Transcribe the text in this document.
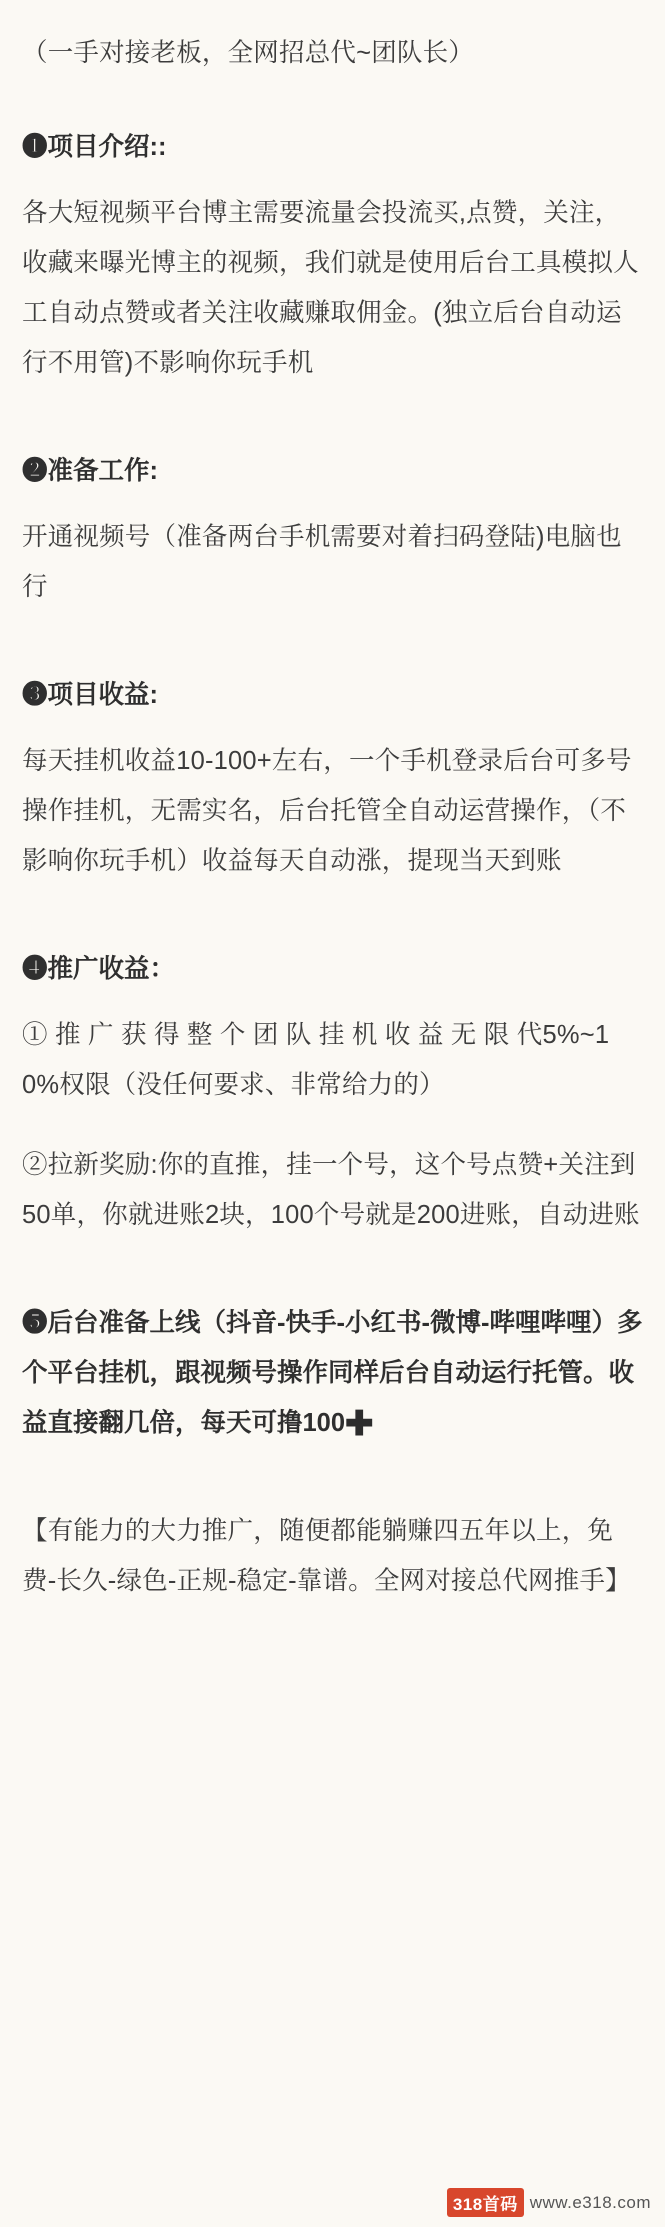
（一手对接老板，全网招总代~团队长）

❶项目介绍::

各大短视频平台博主需要流量会投流买,点赞，关注，收藏来曝光博主的视频，我们就是使用后台工具模拟人工自动点赞或者关注收藏赚取佣金。(独立后台自动运行不用管)不影响你玩手机

❷准备工作:

开通视频号（准备两台手机需要对着扫码登陆)电脑也行

❸项目收益:

每天挂机收益10-100+左右，一个手机登录后台可多号操作挂机，无需实名，后台托管全自动运营操作，（不影响你玩手机）收益每天自动涨，提现当天到账

❹推广收益：

① 推 广 获 得 整 个 团 队 挂 机 收 益 无 限 代5%~10%权限（没任何要求、非常给力的）

②拉新奖励:你的直推，挂一个号，这个号点赞+关注到50单，你就进账2块，100个号就是200进账，自动进账

❺后台准备上线（抖音-快手-小红书-微博-哔哩哔哩）多个平台挂机，跟视频号操作同样后台自动运行托管。收益直接翻几倍，每天可撸100✚

【有能力的大力推广，随便都能躺赚四五年以上，免费-长久-绿色-正规-稳定-靠谱。全网对接总代网推手】

318首码 www.e318.com
